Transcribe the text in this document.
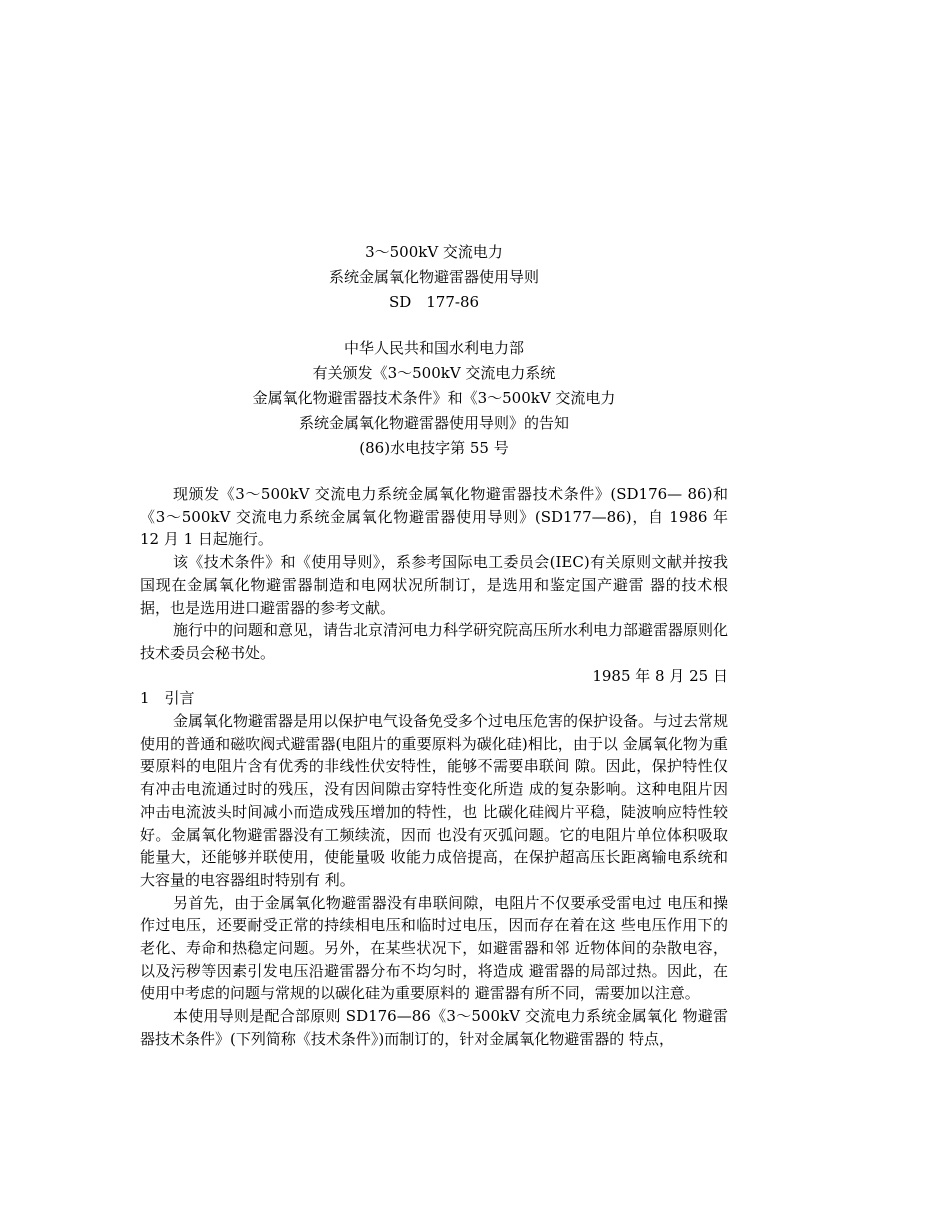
3～500kV 交流电力

系统金属氧化物避雷器使用导则

SD　177-86

中华人民共和国水利电力部

有关颁发《3～500kV 交流电力系统

金属氧化物避雷器技术条件》和《3～500kV 交流电力

系统金属氧化物避雷器使用导则》的告知

(86)水电技字第 55 号

现颁发《3～500kV 交流电力系统金属氧化物避雷器技术条件》(SD176— 86)和《3～500kV 交流电力系统金属氧化物避雷器使用导则》(SD177—86)，自 1986 年 12 月 1 日起施行。

该《技术条件》和《使用导则》，系参考国际电工委员会(IEC)有关原则文献并按我国现在金属氧化物避雷器制造和电网状况所制订，是选用和鉴定国产避雷 器的技术根据，也是选用进口避雷器的参考文献。

施行中的问题和意见，请告北京清河电力科学研究院高压所水利电力部避雷器原则化技术委员会秘书处。

1985 年 8 月 25 日

1　引言

金属氧化物避雷器是用以保护电气设备免受多个过电压危害的保护设备。与过去常规使用的普通和磁吹阀式避雷器(电阻片的重要原料为碳化硅)相比，由于以 金属氧化物为重要原料的电阻片含有优秀的非线性伏安特性，能够不需要串联间 隙。因此，保护特性仅有冲击电流通过时的残压，没有因间隙击穿特性变化所造 成的复杂影响。这种电阻片因冲击电流波头时间减小而造成残压增加的特性，也 比碳化硅阀片平稳，陡波响应特性较好。金属氧化物避雷器没有工频续流，因而 也没有灭弧问题。它的电阻片单位体积吸取能量大，还能够并联使用，使能量吸 收能力成倍提高，在保护超高压长距离输电系统和大容量的电容器组时特别有 利。

另首先，由于金属氧化物避雷器没有串联间隙，电阻片不仅要承受雷电过 电压和操作过电压，还要耐受正常的持续相电压和临时过电压，因而存在着在这 些电压作用下的老化、寿命和热稳定问题。另外，在某些状况下，如避雷器和邻 近物体间的杂散电容，以及污秽等因素引发电压沿避雷器分布不均匀时，将造成 避雷器的局部过热。因此，在使用中考虑的问题与常规的以碳化硅为重要原料的 避雷器有所不同，需要加以注意。

本使用导则是配合部原则 SD176—86《3～500kV 交流电力系统金属氧化 物避雷器技术条件》(下列简称《技术条件》)而制订的，针对金属氧化物避雷器的 特点，
